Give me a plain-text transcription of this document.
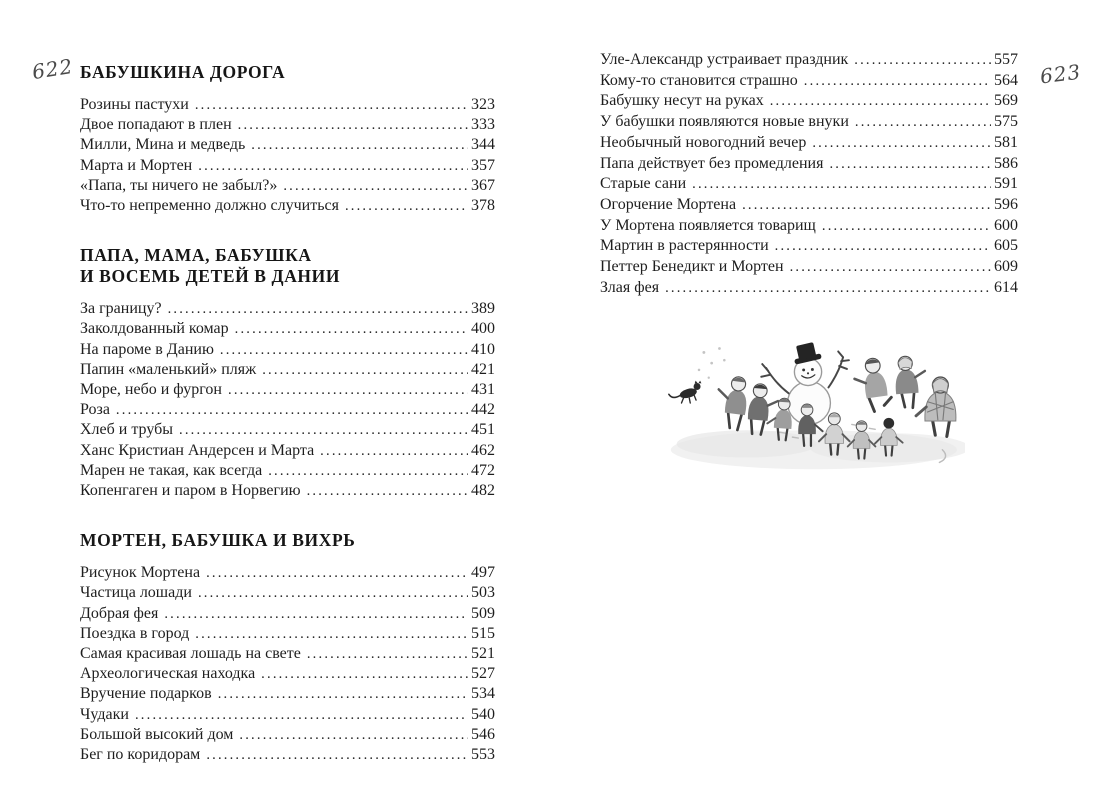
622	623
БАБУШКИНА ДОРОГА
Розины пастухи .....	323
Двое попадают в плен .....	333
Милли, Мина и медведь .....	344
Марта и Мортен .....	357
«Папа, ты ничего не забыл?» .....	367
Что-то непременно должно случиться .....	378
ПАПА, МАМА, БАБУШКА
И ВОСЕМЬ ДЕТЕЙ В ДАНИИ
За границу? .....	389
Заколдованный комар .....	400
На пароме в Данию .....	410
Папин «маленький» пляж .....	421
Море, небо и фургон .....	431
Роза .....	442
Хлеб и трубы .....	451
Ханс Кристиан Андерсен и Марта .....	462
Марен не такая, как всегда .....	472
Копенгаген и паром в Норвегию .....	482
МОРТЕН, БАБУШКА И ВИХРЬ
Рисунок Мортена .....	497
Частица лошади .....	503
Добрая фея .....	509
Поездка в город .....	515
Самая красивая лошадь на свете .....	521
Археологическая находка .....	527
Вручение подарков .....	534
Чудаки .....	540
Большой высокий дом .....	546
Бег по коридорам .....	553
Уле-Александр устраивает праздник .....	557
Кому-то становится страшно .....	564
Бабушку несут на руках .....	569
У бабушки появляются новые внуки .....	575
Необычный новогодний вечер .....	581
Папа действует без промедления .....	586
Старые сани .....	591
Огорчение Мортена .....	596
У Мортена появляется товарищ .....	600
Мартин в растерянности .....	605
Петтер Бенедикт и Мортен .....	609
Злая фея .....	614
